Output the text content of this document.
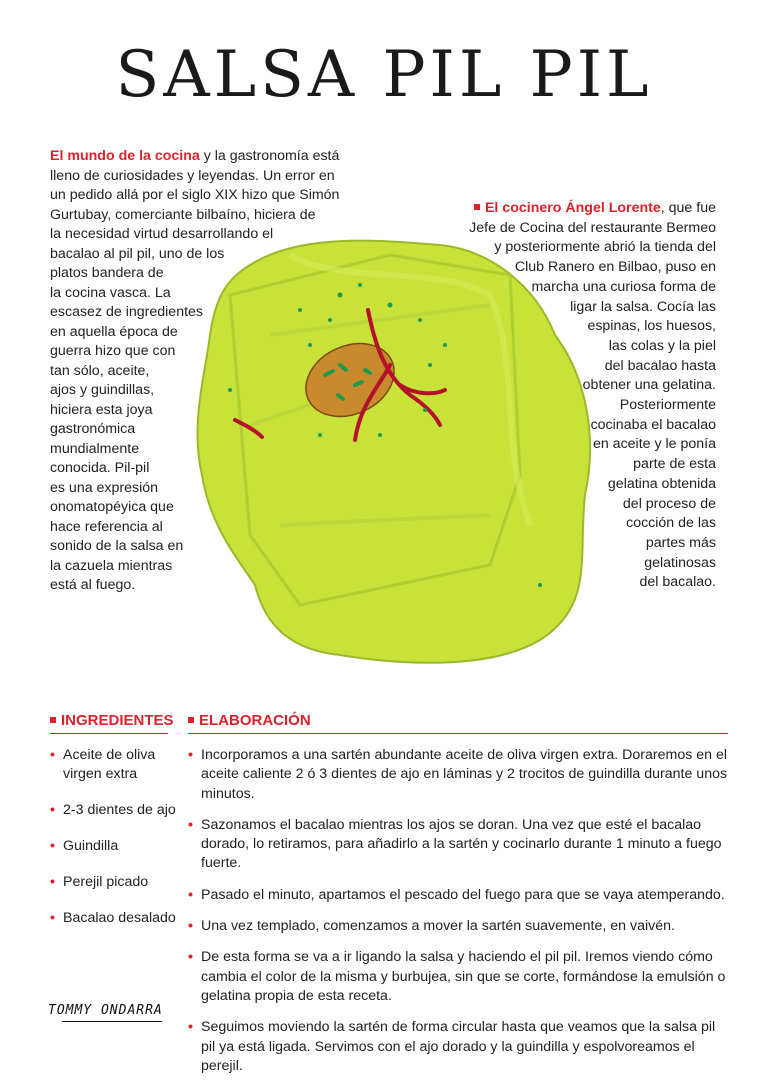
SALSA PIL PIL
El mundo de la cocina y la gastronomía está
lleno de curiosidades y leyendas. Un error en
un pedido allá por el siglo XIX hizo que Simón
Gurtubay, comerciante bilbaíno, hiciera de
la necesidad virtud desarrollando el
bacalao al pil pil, uno de los
platos bandera de
la cocina vasca. La
escasez de ingredientes
en aquella época de
guerra hizo que con
tan sólo, aceite,
ajos y guindillas,
hiciera esta joya
gastronómica
mundialmente
conocida. Pil-pil
es una expresión
onomatopéyica que
hace referencia al
sonido de la salsa en
la cazuela mientras
está al fuego.
El cocinero Ángel Lorente, que fue
Jefe de Cocina del restaurante Bermeo
y posteriormente abrió la tienda del
Club Ranero en Bilbao, puso en
marcha una curiosa forma de
ligar la salsa. Cocía las
espinas, los huesos,
las colas y la piel
del bacalao hasta
obtener una gelatina.
Posteriormente
cocinaba el bacalao
en aceite y le ponía
parte de esta
gelatina obtenida
del proceso de
cocción de las
partes más
gelatinosas
del bacalao.
INGREDIENTES
• Aceite de oliva virgen extra
• 2-3 dientes de ajo
• Guindilla
• Perejil picado
• Bacalao desalado
ELABORACIÓN
• Incorporamos a una sartén abundante aceite de oliva virgen extra. Doraremos en el aceite caliente 2 ó 3 dientes de ajo en láminas y 2 trocitos de guindilla durante unos minutos.
• Sazonamos el bacalao mientras los ajos se doran. Una vez que esté el bacalao dorado, lo retiramos, para añadirlo a la sartén y cocinarlo durante 1 minuto a fuego fuerte.
• Pasado el minuto, apartamos el pescado del fuego para que se vaya atemperando.
• Una vez templado, comenzamos a mover la sartén suavemente, en vaivén.
• De esta forma se va a ir ligando la salsa y haciendo el pil pil. Iremos viendo cómo cambia el color de la misma y burbujea, sin que se corte, formándose la emulsión o gelatina propia de esta receta.
• Seguimos moviendo la sartén de forma circular hasta que veamos que la salsa pil pil ya está ligada. Servimos con el ajo dorado y la guindilla y espolvoreamos el perejil.
TOMMY ONDARRA
